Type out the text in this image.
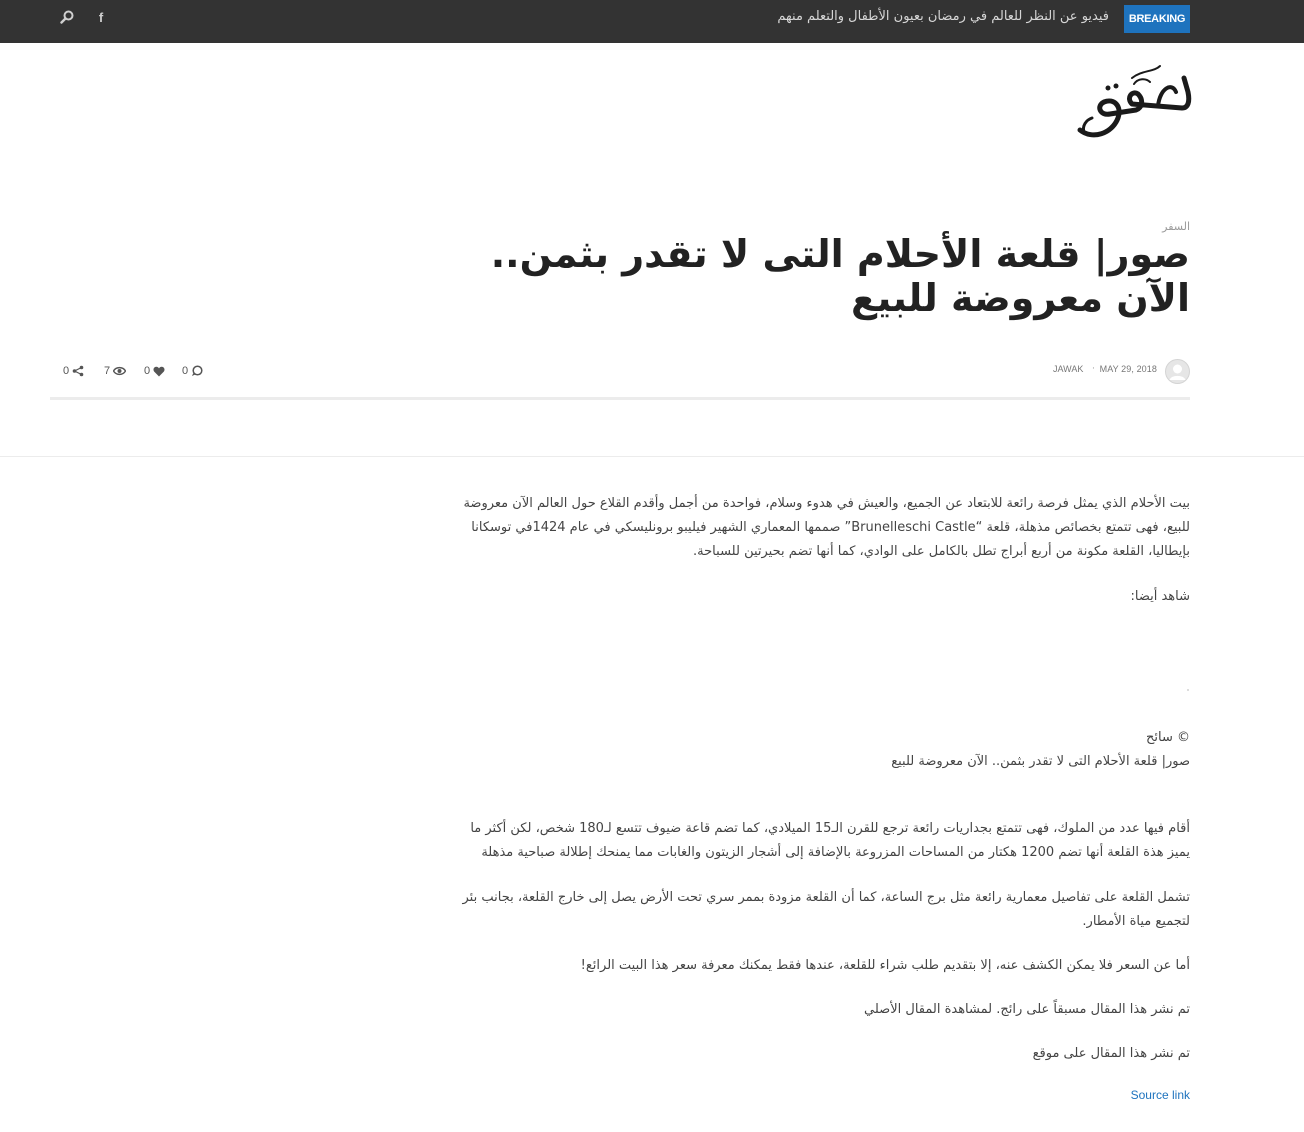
f	فيديو عن النظر للعالم في رمضان بعيون الأطفال والتعلم منهم	BREAKING
السفر
صور| قلعة الأحلام التى لا تقدر بثمن.. الآن معروضة للبيع
MAY 29, 2018
·
JAWAK
0	7	0	0

بيت الأحلام الذي يمثل فرصة رائعة للابتعاد عن الجميع، والعيش في هدوء وسلام، فواحدة من أجمل وأقدم القلاع حول العالم الآن معروضة للبيع، فهى تتمتع بخصائص مذهلة، قلعة “Brunelleschi Castle” صممها المعماري الشهير فيليبو برونليسكي في عام 1424في توسكانا بإيطاليا، القلعة مكونة من أربع أبراج تطل بالكامل على الوادي، كما أنها تضم بحيرتين للسباحة.

شاهد أيضا:

© سائح
صور| قلعة الأحلام التى لا تقدر بثمن.. الآن معروضة للبيع

أقام فيها عدد من الملوك، فهى تتمتع بجداريات رائعة ترجع للقرن الـ15 الميلادي، كما تضم قاعة ضيوف تتسع لـ180 شخص، لكن أكثر ما يميز هذة القلعة أنها تضم 1200 هكتار من المساحات المزروعة بالإضافة إلى أشجار الزيتون والغابات مما يمنحك إطلالة صباحية مذهلة

تشمل القلعة على تفاصيل معمارية رائعة مثل برج الساعة، كما أن القلعة مزودة بممر سري تحت الأرض يصل إلى خارج القلعة، بجانب بئر لتجميع مياة الأمطار.

أما عن السعر فلا يمكن الكشف عنه، إلا بتقديم طلب شراء للقلعة، عندها فقط يمكنك معرفة سعر هذا البيت الرائع!

تم نشر هذا المقال مسبقاً على رائج. لمشاهدة المقال الأصلي

تم نشر هذا المقال على موقع

Source link
